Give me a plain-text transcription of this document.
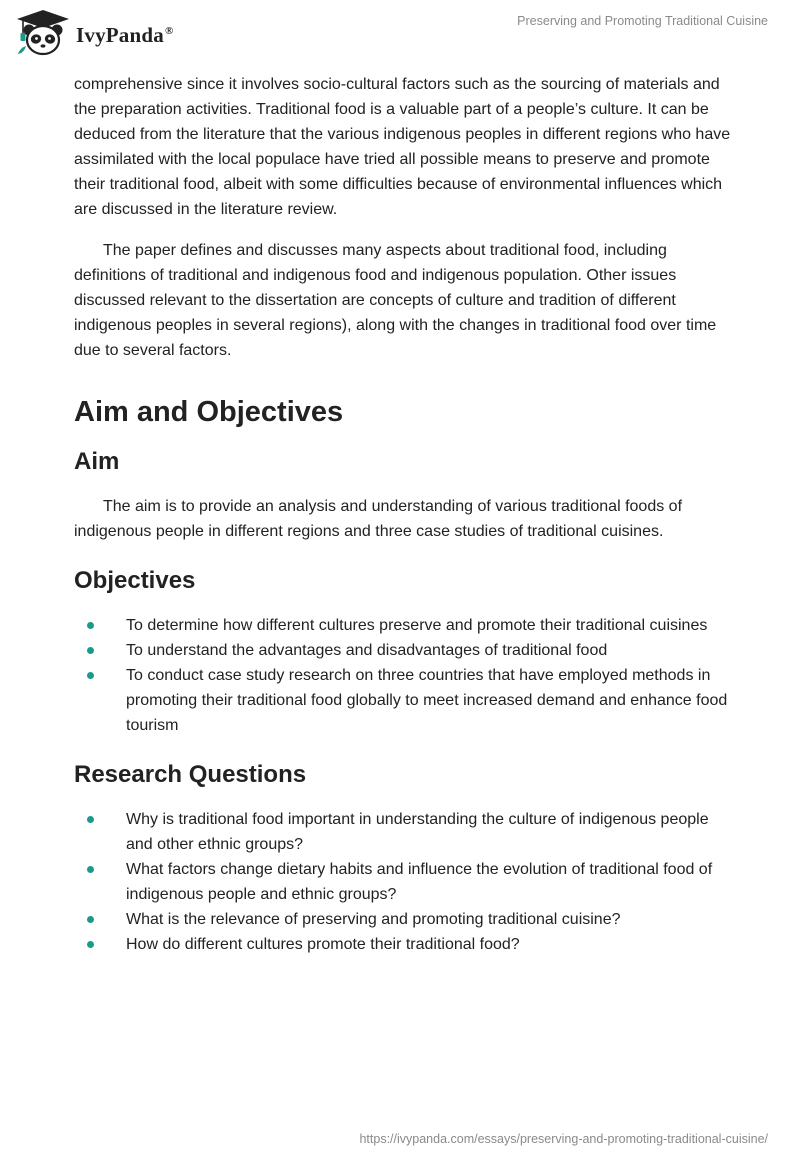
IvyPanda®
Preserving and Promoting Traditional Cuisine

comprehensive since it involves socio-cultural factors such as the sourcing of materials and the preparation activities. Traditional food is a valuable part of a people’s culture. It can be deduced from the literature that the various indigenous peoples in different regions who have assimilated with the local populace have tried all possible means to preserve and promote their traditional food, albeit with some difficulties because of environmental influences which are discussed in the literature review.

The paper defines and discusses many aspects about traditional food, including definitions of traditional and indigenous food and indigenous population. Other issues discussed relevant to the dissertation are concepts of culture and tradition of different indigenous peoples in several regions), along with the changes in traditional food over time due to several factors.

Aim and Objectives
Aim

The aim is to provide an analysis and understanding of various traditional foods of indigenous people in different regions and three case studies of traditional cuisines.

Objectives
To determine how different cultures preserve and promote their traditional cuisines
To understand the advantages and disadvantages of traditional food
To conduct case study research on three countries that have employed methods in promoting their traditional food globally to meet increased demand and enhance food tourism
Research Questions
Why is traditional food important in understanding the culture of indigenous people and other ethnic groups?
What factors change dietary habits and influence the evolution of traditional food of indigenous people and ethnic groups?
What is the relevance of preserving and promoting traditional cuisine?
How do different cultures promote their traditional food?
https://ivypanda.com/essays/preserving-and-promoting-traditional-cuisine/
